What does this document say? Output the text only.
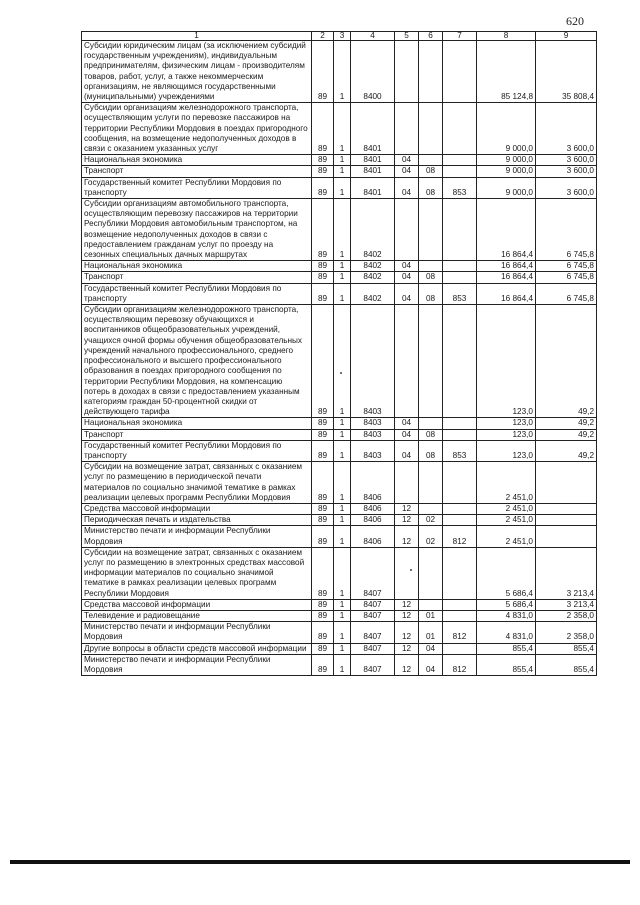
620
1	2	3	4	5	6	7	8	9
Субсидии юридическим лицам (за исключением субсидий государственным учреждениям), индивидуальным предпринимателям, физическим лицам - производителям товаров, работ, услуг, а также некоммерческим организациям, не являющимся государственными (муниципальными) учреждениями	89	1	8400				85 124,8	35 808,4
Субсидии организациям железнодорожного транспорта, осуществляющим услуги по перевозке пассажиров на территории Республики Мордовия в поездах пригородного сообщения, на возмещение недополученных доходов в связи с оказанием указанных услуг	89	1	8401				9 000,0	3 600,0
Национальная экономика	89	1	8401	04			9 000,0	3 600,0
Транспорт	89	1	8401	04	08		9 000,0	3 600,0
Государственный комитет Республики Мордовия по транспорту	89	1	8401	04	08	853	9 000,0	3 600,0
Субсидии организациям автомобильного транспорта, осуществляющим перевозку пассажиров на территории Республики Мордовия автомобильным транспортом, на возмещение недополученных доходов в связи с предоставлением гражданам услуг по проезду на сезонных специальных дачных маршрутах	89	1	8402				16 864,4	6 745,8
Национальная экономика	89	1	8402	04			16 864,4	6 745,8
Транспорт	89	1	8402	04	08		16 864,4	6 745,8
Государственный комитет Республики Мордовия по транспорту	89	1	8402	04	08	853	16 864,4	6 745,8
Субсидии организациям железнодорожного транспорта, осуществляющим перевозку обучающихся и воспитанников общеобразовательных учреждений, учащихся очной формы обучения общеобразовательных учреждений начального профессионального, среднего профессионального и высшего профессионального образования в поездах пригородного сообщения по территории Республики Мордовия, на компенсацию потерь в доходах в связи с предоставлением указанным категориям граждан 50-процентной скидки от действующего тарифа	89	1	8403				123,0	49,2
Национальная экономика	89	1	8403	04			123,0	49,2
Транспорт	89	1	8403	04	08		123,0	49,2
Государственный комитет Республики Мордовия по транспорту	89	1	8403	04	08	853	123,0	49,2
Субсидии на возмещение затрат, связанных с оказанием услуг по размещению в периодической печати материалов по социально значимой тематике в рамках реализации целевых программ Республики Мордовия	89	1	8406				2 451,0	
Средства массовой информации	89	1	8406	12			2 451,0	
Периодическая печать и издательства	89	1	8406	12	02		2 451,0	
Министерство печати и информации Республики Мордовия	89	1	8406	12	02	812	2 451,0	
Субсидии на возмещение затрат, связанных с оказанием услуг по размещению в электронных средствах массовой информации материалов по социально значимой тематике в рамках реализации целевых программ Республики Мордовия	89	1	8407				5 686,4	3 213,4
Средства массовой информации	89	1	8407	12			5 686,4	3 213,4
Телевидение и радиовещание	89	1	8407	12	01		4 831,0	2 358,0
Министерство печати и информации Республики Мордовия	89	1	8407	12	01	812	4 831,0	2 358,0
Другие вопросы в области средств массовой информации	89	1	8407	12	04		855,4	855,4
Министерство печати и информации Республики Мордовия	89	1	8407	12	04	812	855,4	855,4
